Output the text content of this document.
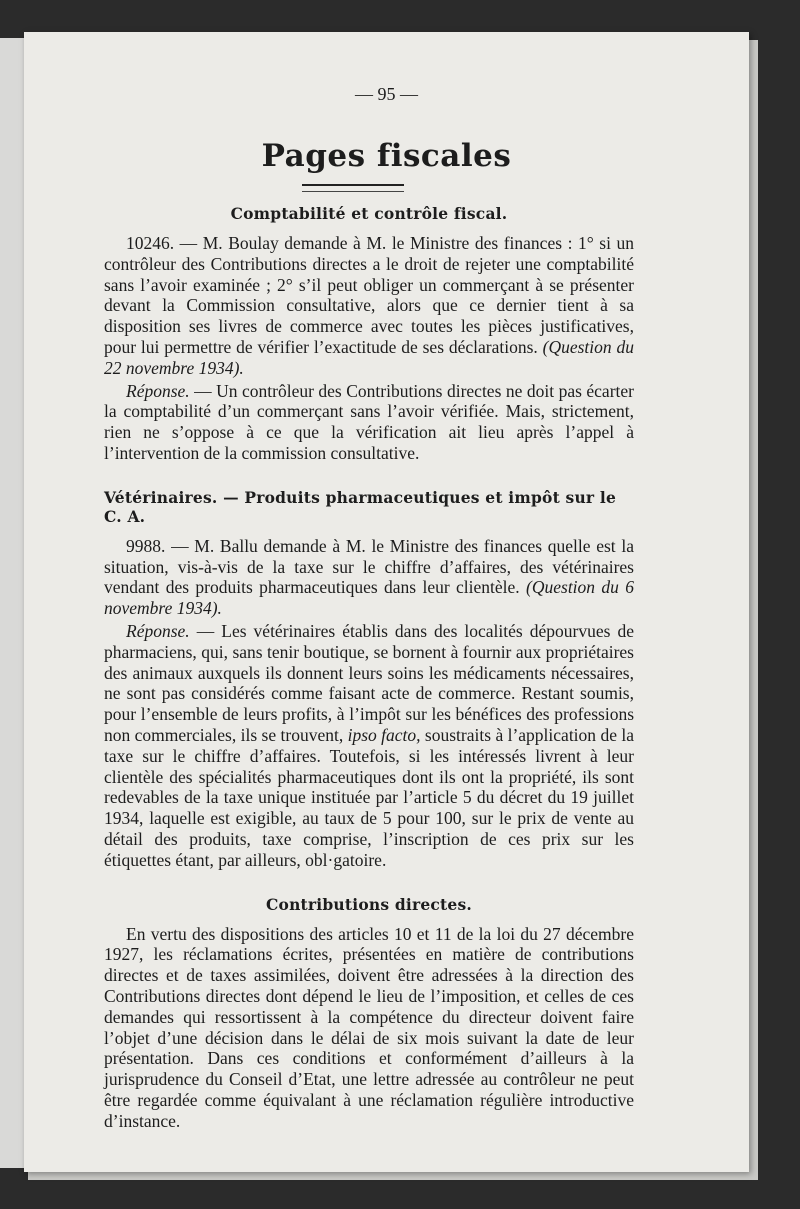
— 95 —
Pages fiscales
Comptabilité et contrôle fiscal.

10246. — M. Boulay demande à M. le Ministre des finances : 1° si un contrôleur des Contributions directes a le droit de rejeter une comptabilité sans l’avoir examinée ; 2° s’il peut obliger un commerçant à se présenter devant la Commission consultative, alors que ce dernier tient à sa disposition ses livres de commerce avec toutes les pièces justificatives, pour lui permettre de vérifier l’exactitude de ses déclarations. (Question du 22 novembre 1934).

Réponse. — Un contrôleur des Contributions directes ne doit pas écarter la comptabilité d’un commerçant sans l’avoir vérifiée. Mais, strictement, rien ne s’oppose à ce que la vérification ait lieu après l’appel à l’intervention de la commission consultative.

Vétérinaires. — Produits pharmaceutiques et impôt sur le C. A.

9988. — M. Ballu demande à M. le Ministre des finances quelle est la situation, vis-à-vis de la taxe sur le chiffre d’affaires, des vétérinaires vendant des produits pharmaceutiques dans leur clientèle. (Question du 6 novembre 1934).

Réponse. — Les vétérinaires établis dans des localités dépourvues de pharmaciens, qui, sans tenir boutique, se bornent à fournir aux propriétaires des animaux auxquels ils donnent leurs soins les médicaments nécessaires, ne sont pas considérés comme faisant acte de commerce. Restant soumis, pour l’ensemble de leurs profits, à l’impôt sur les bénéfices des professions non commerciales, ils se trouvent, ipso facto, soustraits à l’application de la taxe sur le chiffre d’affaires. Toutefois, si les intéressés livrent à leur clientèle des spécialités pharmaceutiques dont ils ont la propriété, ils sont redevables de la taxe unique instituée par l’article 5 du décret du 19 juillet 1934, laquelle est exigible, au taux de 5 pour 100, sur le prix de vente au détail des produits, taxe comprise, l’inscription de ces prix sur les étiquettes étant, par ailleurs, obl·gatoire.

Contributions directes.

En vertu des dispositions des articles 10 et 11 de la loi du 27 décembre 1927, les réclamations écrites, présentées en matière de contributions directes et de taxes assimilées, doivent être adressées à la direction des Contributions directes dont dépend le lieu de l’imposition, et celles de ces demandes qui ressortissent à la compétence du directeur doivent faire l’objet d’une décision dans le délai de six mois suivant la date de leur présentation. Dans ces conditions et conformément d’ailleurs à la jurisprudence du Conseil d’Etat, une lettre adressée au contrôleur ne peut être regardée comme équivalant à une réclamation régulière introductive d’instance.
